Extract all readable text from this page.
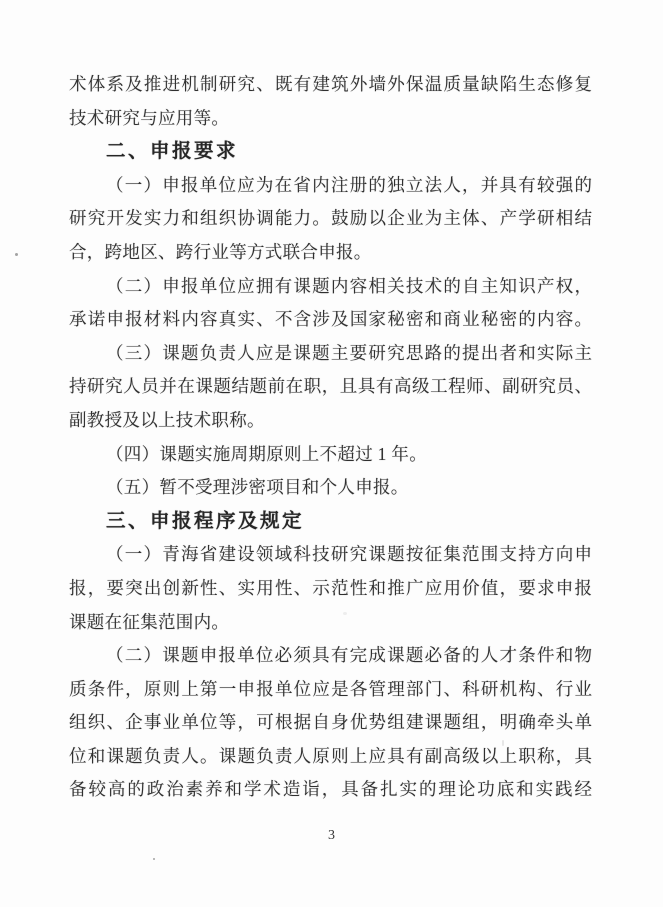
术体系及推进机制研究、既有建筑外墙外保温质量缺陷生态修复
技术研究与应用等。
二、申报要求
（一）申报单位应为在省内注册的独立法人，并具有较强的
研究开发实力和组织协调能力。鼓励以企业为主体、产学研相结
合，跨地区、跨行业等方式联合申报。
（二）申报单位应拥有课题内容相关技术的自主知识产权，
承诺申报材料内容真实、不含涉及国家秘密和商业秘密的内容。
（三）课题负责人应是课题主要研究思路的提出者和实际主
持研究人员并在课题结题前在职，且具有高级工程师、副研究员、
副教授及以上技术职称。
（四）课题实施周期原则上不超过 1 年。
（五）暂不受理涉密项目和个人申报。
三、申报程序及规定
（一）青海省建设领域科技研究课题按征集范围支持方向申
报，要突出创新性、实用性、示范性和推广应用价值，要求申报
课题在征集范围内。
（二）课题申报单位必须具有完成课题必备的人才条件和物
质条件，原则上第一申报单位应是各管理部门、科研机构、行业
组织、企事业单位等，可根据自身优势组建课题组，明确牵头单
位和课题负责人。课题负责人原则上应具有副高级以上职称，具
备较高的政治素养和学术造诣，具备扎实的理论功底和实践经
3
